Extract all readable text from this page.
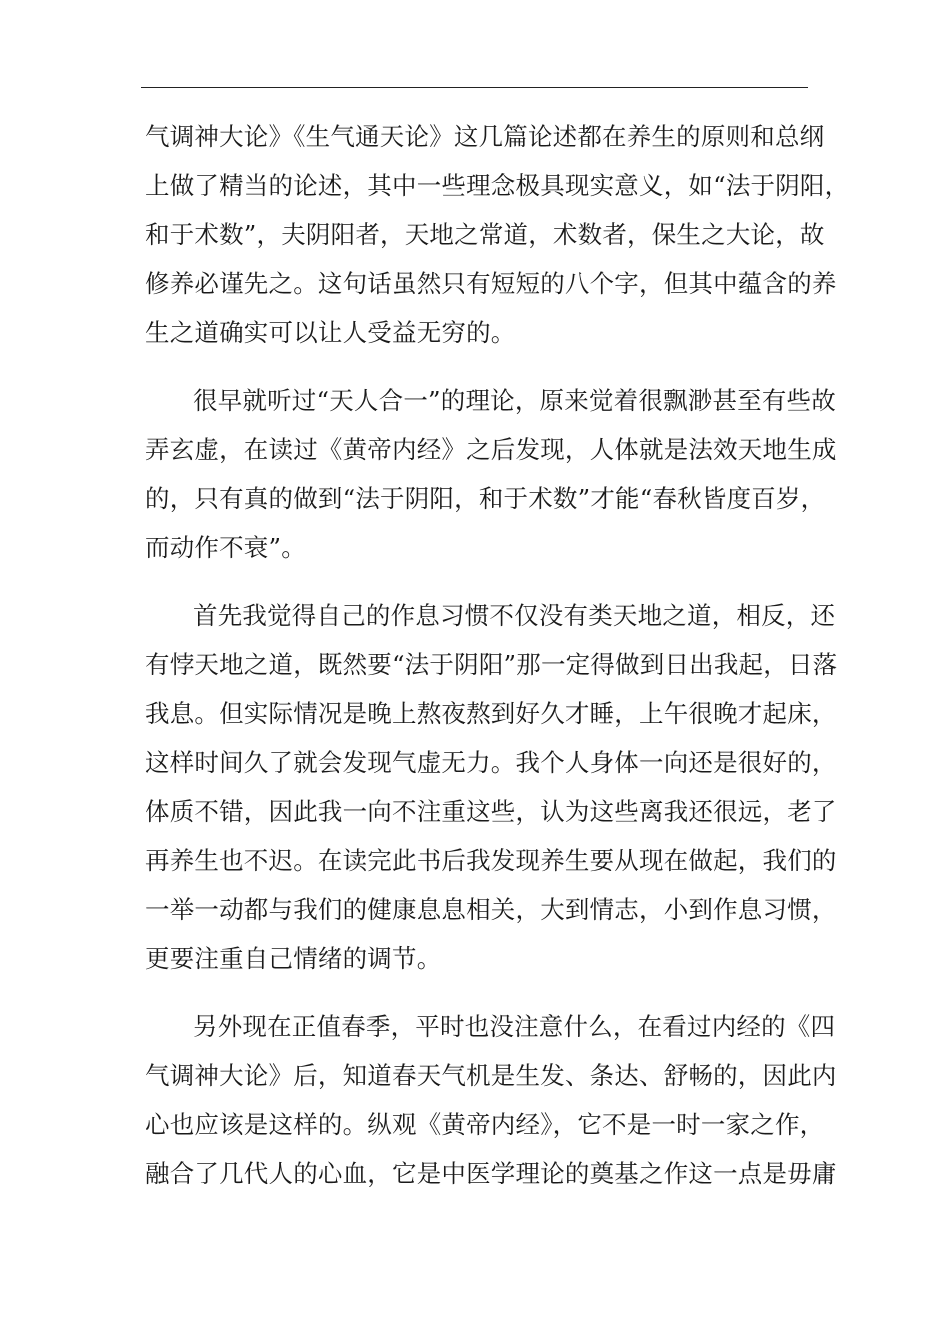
气调神大论》《生气通天论》这几篇论述都在养生的原则和总纲
上做了精当的论述，其中一些理念极具现实意义，如“法于阴阳，
和于术数”，夫阴阳者，天地之常道，术数者，保生之大论，故
修养必谨先之。这句话虽然只有短短的八个字，但其中蕴含的养
生之道确实可以让人受益无穷的。
很早就听过“天人合一”的理论，原来觉着很飘渺甚至有些故
弄玄虚，在读过《黄帝内经》之后发现，人体就是法效天地生成
的，只有真的做到“法于阴阳，和于术数”才能“春秋皆度百岁，
而动作不衰”。
首先我觉得自己的作息习惯不仅没有类天地之道，相反，还
有悖天地之道，既然要“法于阴阳”那一定得做到日出我起，日落
我息。但实际情况是晚上熬夜熬到好久才睡，上午很晚才起床，
这样时间久了就会发现气虚无力。我个人身体一向还是很好的，
体质不错，因此我一向不注重这些，认为这些离我还很远，老了
再养生也不迟。在读完此书后我发现养生要从现在做起，我们的
一举一动都与我们的健康息息相关，大到情志，小到作息习惯，
更要注重自己情绪的调节。
另外现在正值春季，平时也没注意什么，在看过内经的《四
气调神大论》后，知道春天气机是生发、条达、舒畅的，因此内
心也应该是这样的。纵观《黄帝内经》，它不是一时一家之作，
融合了几代人的心血，它是中医学理论的奠基之作这一点是毋庸
